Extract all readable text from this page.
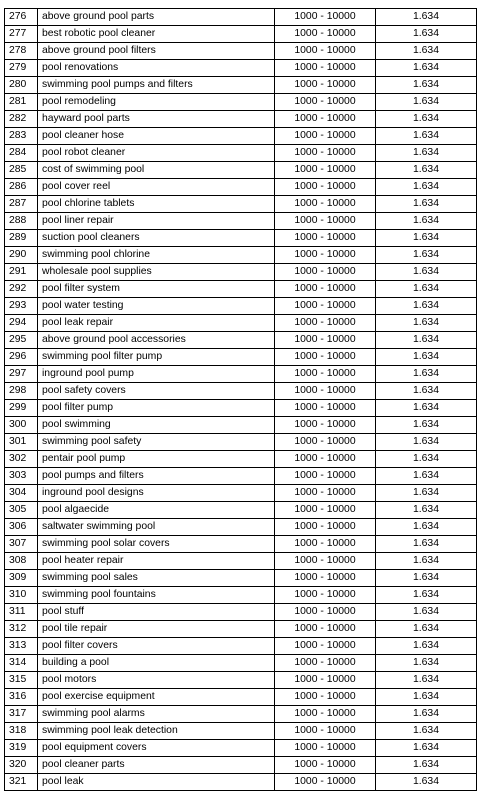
276	above ground pool parts	1000 - 10000	1.634
277	best robotic pool cleaner	1000 - 10000	1.634
278	above ground pool filters	1000 - 10000	1.634
279	pool renovations	1000 - 10000	1.634
280	swimming pool pumps and filters	1000 - 10000	1.634
281	pool remodeling	1000 - 10000	1.634
282	hayward pool parts	1000 - 10000	1.634
283	pool cleaner hose	1000 - 10000	1.634
284	pool robot cleaner	1000 - 10000	1.634
285	cost of swimming pool	1000 - 10000	1.634
286	pool cover reel	1000 - 10000	1.634
287	pool chlorine tablets	1000 - 10000	1.634
288	pool liner repair	1000 - 10000	1.634
289	suction pool cleaners	1000 - 10000	1.634
290	swimming pool chlorine	1000 - 10000	1.634
291	wholesale pool supplies	1000 - 10000	1.634
292	pool filter system	1000 - 10000	1.634
293	pool water testing	1000 - 10000	1.634
294	pool leak repair	1000 - 10000	1.634
295	above ground pool accessories	1000 - 10000	1.634
296	swimming pool filter pump	1000 - 10000	1.634
297	inground pool pump	1000 - 10000	1.634
298	pool safety covers	1000 - 10000	1.634
299	pool filter pump	1000 - 10000	1.634
300	pool swimming	1000 - 10000	1.634
301	swimming pool safety	1000 - 10000	1.634
302	pentair pool pump	1000 - 10000	1.634
303	pool pumps and filters	1000 - 10000	1.634
304	inground pool designs	1000 - 10000	1.634
305	pool algaecide	1000 - 10000	1.634
306	saltwater swimming pool	1000 - 10000	1.634
307	swimming pool solar covers	1000 - 10000	1.634
308	pool heater repair	1000 - 10000	1.634
309	swimming pool sales	1000 - 10000	1.634
310	swimming pool fountains	1000 - 10000	1.634
311	pool stuff	1000 - 10000	1.634
312	pool tile repair	1000 - 10000	1.634
313	pool filter covers	1000 - 10000	1.634
314	building a pool	1000 - 10000	1.634
315	pool motors	1000 - 10000	1.634
316	pool exercise equipment	1000 - 10000	1.634
317	swimming pool alarms	1000 - 10000	1.634
318	swimming pool leak detection	1000 - 10000	1.634
319	pool equipment covers	1000 - 10000	1.634
320	pool cleaner parts	1000 - 10000	1.634
321	pool leak	1000 - 10000	1.634
